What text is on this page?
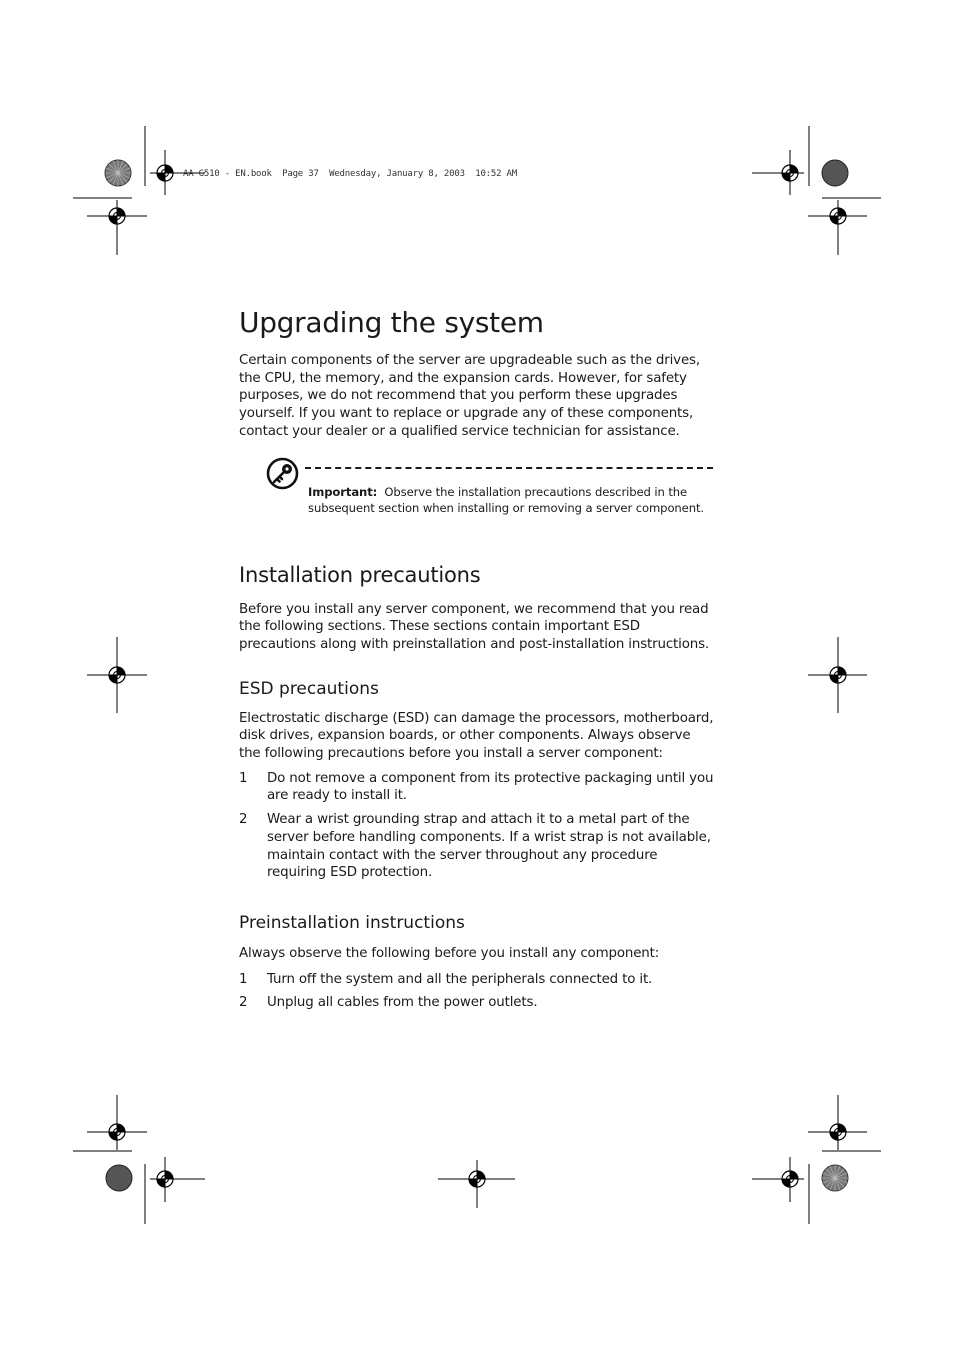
AA G510 - EN.book  Page 37  Wednesday, January 8, 2003  10:52 AM
Upgrading the system

Certain components of the server are upgradeable such as the drives, the CPU, the memory, and the expansion cards. However, for safety purposes, we do not recommend that you perform these upgrades yourself. If you want to replace or upgrade any of these components, contact your dealer or a qualified service technician for assistance.

Important: Observe the installation precautions described in the subsequent section when installing or removing a server component.
Installation precautions

Before you install any server component, we recommend that you read the following sections. These sections contain important ESD precautions along with preinstallation and post-installation instructions.

ESD precautions

Electrostatic discharge (ESD) can damage the processors, motherboard, disk drives, expansion boards, or other components. Always observe the following precautions before you install a server component:

1	Do not remove a component from its protective packaging until you are ready to install it.
2	Wear a wrist grounding strap and attach it to a metal part of the server before handling components. If a wrist strap is not available, maintain contact with the server throughout any procedure requiring ESD protection.
Preinstallation instructions

Always observe the following before you install any component:

1	Turn off the system and all the peripherals connected to it.
2	Unplug all cables from the power outlets.
